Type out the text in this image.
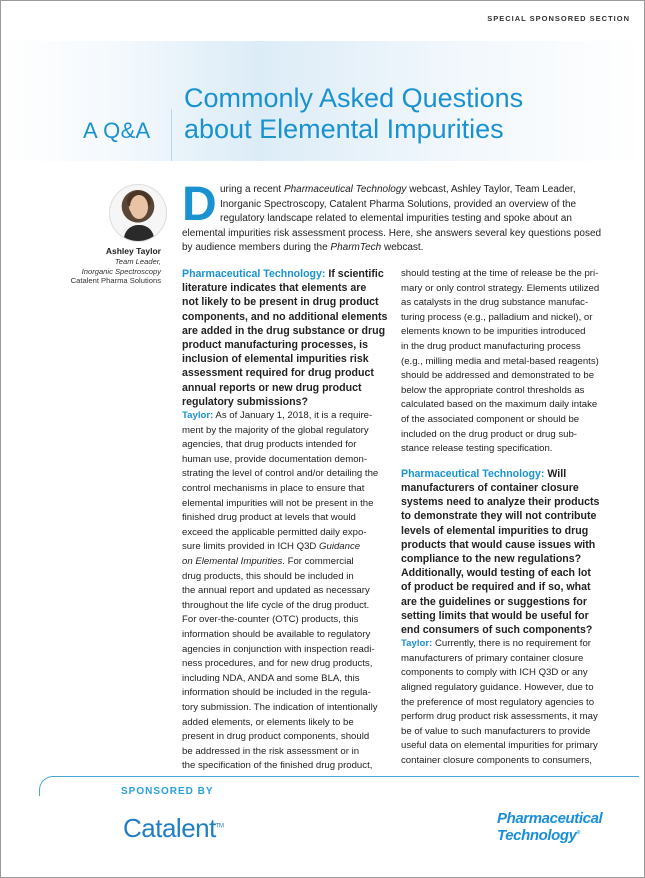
SPECIAL SPONSORED SECTION
A Q&A
Commonly Asked Questions
about Elemental Impurities
Ashley Taylor
Team Leader,
Inorganic Spectroscopy
Catalent Pharma Solutions
D uring a recent Pharmaceutical Technology webcast, Ashley Taylor, Team Leader,
Inorganic Spectroscopy, Catalent Pharma Solutions, provided an overview of the
regulatory landscape related to elemental impurities testing and spoke about an
elemental impurities risk assessment process. Here, she answers several key questions posed
by audience members during the PharmTech webcast.
Pharmaceutical Technology: If scientific
literature indicates that elements are
not likely to be present in drug product
components, and no additional elements
are added in the drug substance or drug
product manufacturing processes, is
inclusion of elemental impurities risk
assessment required for drug product
annual reports or new drug product
regulatory submissions?
Taylor: As of January 1, 2018, it is a require-
ment by the majority of the global regulatory
agencies, that drug products intended for
human use, provide documentation demon-
strating the level of control and/or detailing the
control mechanisms in place to ensure that
elemental impurities will not be present in the
finished drug product at levels that would
exceed the applicable permitted daily expo-
sure limits provided in ICH Q3D Guidance
on Elemental Impurities. For commercial
drug products, this should be included in
the annual report and updated as necessary
throughout the life cycle of the drug product.
For over-the-counter (OTC) products, this
information should be available to regulatory
agencies in conjunction with inspection readi-
ness procedures, and for new drug products,
including NDA, ANDA and some BLA, this
information should be included in the regula-
tory submission. The indication of intentionally
added elements, or elements likely to be
present in drug product components, should
be addressed in the risk assessment or in
the specification of the finished drug product,
should testing at the time of release be the pri-
mary or only control strategy. Elements utilized
as catalysts in the drug substance manufac-
turing process (e.g., palladium and nickel), or
elements known to be impurities introduced
in the drug product manufacturing process
(e.g., milling media and metal-based reagents)
should be addressed and demonstrated to be
below the appropriate control thresholds as
calculated based on the maximum daily intake
of the associated component or should be
included on the drug product or drug sub-
stance release testing specification.
Pharmaceutical Technology: Will
manufacturers of container closure
systems need to analyze their products
to demonstrate they will not contribute
levels of elemental impurities to drug
products that would cause issues with
compliance to the new regulations?
Additionally, would testing of each lot
of product be required and if so, what
are the guidelines or suggestions for
setting limits that would be useful for
end consumers of such components?
Taylor: Currently, there is no requirement for
manufacturers of primary container closure
components to comply with ICH Q3D or any
aligned regulatory guidance. However, due to
the preference of most regulatory agencies to
perform drug product risk assessments, it may
be of value to such manufacturers to provide
useful data on elemental impurities for primary
container closure components to consumers,
SPONSORED BY
Catalent™	Pharmaceutical
Technology®
